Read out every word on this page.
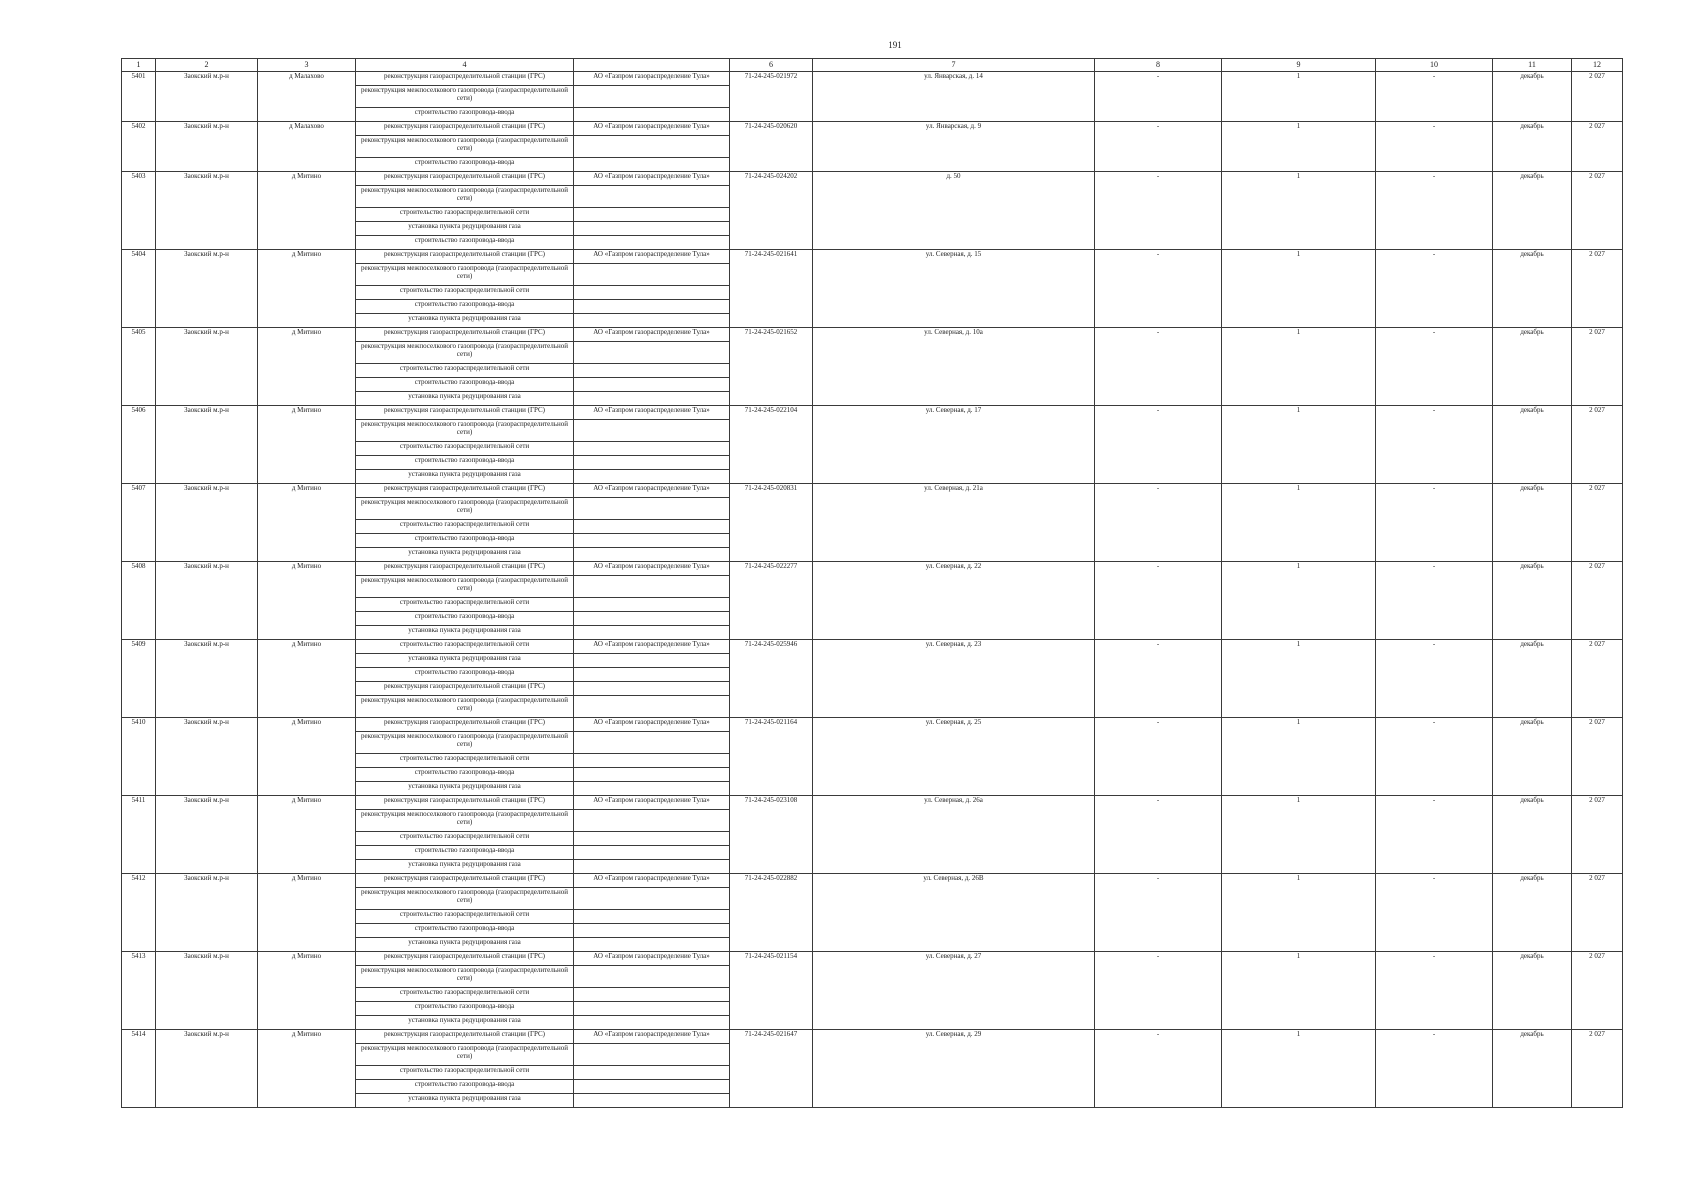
191
1	2	3	4		6	7	8	9	10	11	12
5401	Заокский м.р-н	д Малахово	реконструкция газораспределительной станции (ГРС)	АО «Газпром газораспределение Тула»	71-24-245-021972	ул. Январская, д. 14	-	1	-	декабрь	2 027
			реконструкция межпоселкового газопровода (газораспределительной сети)								
			строительство газопровода-ввода								
5402	Заокский м.р-н	д Малахово	реконструкция газораспределительной станции (ГРС)	АО «Газпром газораспределение Тула»	71-24-245-020620	ул. Январская, д. 9	-	1	-	декабрь	2 027
			реконструкция межпоселкового газопровода (газораспределительной сети)								
			строительство газопровода-ввода								
5403	Заокский м.р-н	д Митино	реконструкция газораспределительной станции (ГРС)	АО «Газпром газораспределение Тула»	71-24-245-024202	д. 50	-	1	-	декабрь	2 027
			реконструкция межпоселкового газопровода (газораспределительной сети)								
			строительство газораспределительной сети								
			установка пункта редуцирования газа								
			строительство газопровода-ввода								
5404	Заокский м.р-н	д Митино	реконструкция газораспределительной станции (ГРС)	АО «Газпром газораспределение Тула»	71-24-245-021641	ул. Северная, д. 15	-	1	-	декабрь	2 027
			реконструкция межпоселкового газопровода (газораспределительной сети)								
			строительство газораспределительной сети								
			строительство газопровода-ввода								
			установка пункта редуцирования газа								
5405	Заокский м.р-н	д Митино	реконструкция газораспределительной станции (ГРС)	АО «Газпром газораспределение Тула»	71-24-245-021652	ул. Северная, д. 10а	-	1	-	декабрь	2 027
			реконструкция межпоселкового газопровода (газораспределительной сети)								
			строительство газораспределительной сети								
			строительство газопровода-ввода								
			установка пункта редуцирования газа								
5406	Заокский м.р-н	д Митино	реконструкция газораспределительной станции (ГРС)	АО «Газпром газораспределение Тула»	71-24-245-022104	ул. Северная, д. 17	-	1	-	декабрь	2 027
			реконструкция межпоселкового газопровода (газораспределительной сети)								
			строительство газораспределительной сети								
			строительство газопровода-ввода								
			установка пункта редуцирования газа								
5407	Заокский м.р-н	д Митино	реконструкция газораспределительной станции (ГРС)	АО «Газпром газораспределение Тула»	71-24-245-020831	ул. Северная, д. 21а	-	1	-	декабрь	2 027
			реконструкция межпоселкового газопровода (газораспределительной сети)								
			строительство газораспределительной сети								
			строительство газопровода-ввода								
			установка пункта редуцирования газа								
5408	Заокский м.р-н	д Митино	реконструкция газораспределительной станции (ГРС)	АО «Газпром газораспределение Тула»	71-24-245-022277	ул. Северная, д. 22	-	1	-	декабрь	2 027
			реконструкция межпоселкового газопровода (газораспределительной сети)								
			строительство газораспределительной сети								
			строительство газопровода-ввода								
			установка пункта редуцирования газа								
5409	Заокский м.р-н	д Митино	строительство газораспределительной сети	АО «Газпром газораспределение Тула»	71-24-245-025946	ул. Северная, д. 23	-	1	-	декабрь	2 027
			установка пункта редуцирования газа								
			строительство газопровода-ввода								
			реконструкция газораспределительной станции (ГРС)								
			реконструкция межпоселкового газопровода (газораспределительной сети)								
5410	Заокский м.р-н	д Митино	реконструкция газораспределительной станции (ГРС)	АО «Газпром газораспределение Тула»	71-24-245-021164	ул. Северная, д. 25	-	1	-	декабрь	2 027
			реконструкция межпоселкового газопровода (газораспределительной сети)								
			строительство газораспределительной сети								
			строительство газопровода-ввода								
			установка пункта редуцирования газа								
5411	Заокский м.р-н	д Митино	реконструкция газораспределительной станции (ГРС)	АО «Газпром газораспределение Тула»	71-24-245-023108	ул. Северная, д. 26а	-	1	-	декабрь	2 027
			реконструкция межпоселкового газопровода (газораспределительной сети)								
			строительство газораспределительной сети								
			строительство газопровода-ввода								
			установка пункта редуцирования газа								
5412	Заокский м.р-н	д Митино	реконструкция газораспределительной станции (ГРС)	АО «Газпром газораспределение Тула»	71-24-245-022882	ул. Северная, д. 26В	-	1	-	декабрь	2 027
			реконструкция межпоселкового газопровода (газораспределительной сети)								
			строительство газораспределительной сети								
			строительство газопровода-ввода								
			установка пункта редуцирования газа								
5413	Заокский м.р-н	д Митино	реконструкция газораспределительной станции (ГРС)	АО «Газпром газораспределение Тула»	71-24-245-021154	ул. Северная, д. 27	-	1	-	декабрь	2 027
			реконструкция межпоселкового газопровода (газораспределительной сети)								
			строительство газораспределительной сети								
			строительство газопровода-ввода								
			установка пункта редуцирования газа								
5414	Заокский м.р-н	д Митино	реконструкция газораспределительной станции (ГРС)	АО «Газпром газораспределение Тула»	71-24-245-021647	ул. Северная, д. 29	-	1	-	декабрь	2 027
			реконструкция межпоселкового газопровода (газораспределительной сети)								
			строительство газораспределительной сети								
			строительство газопровода-ввода								
			установка пункта редуцирования газа								
